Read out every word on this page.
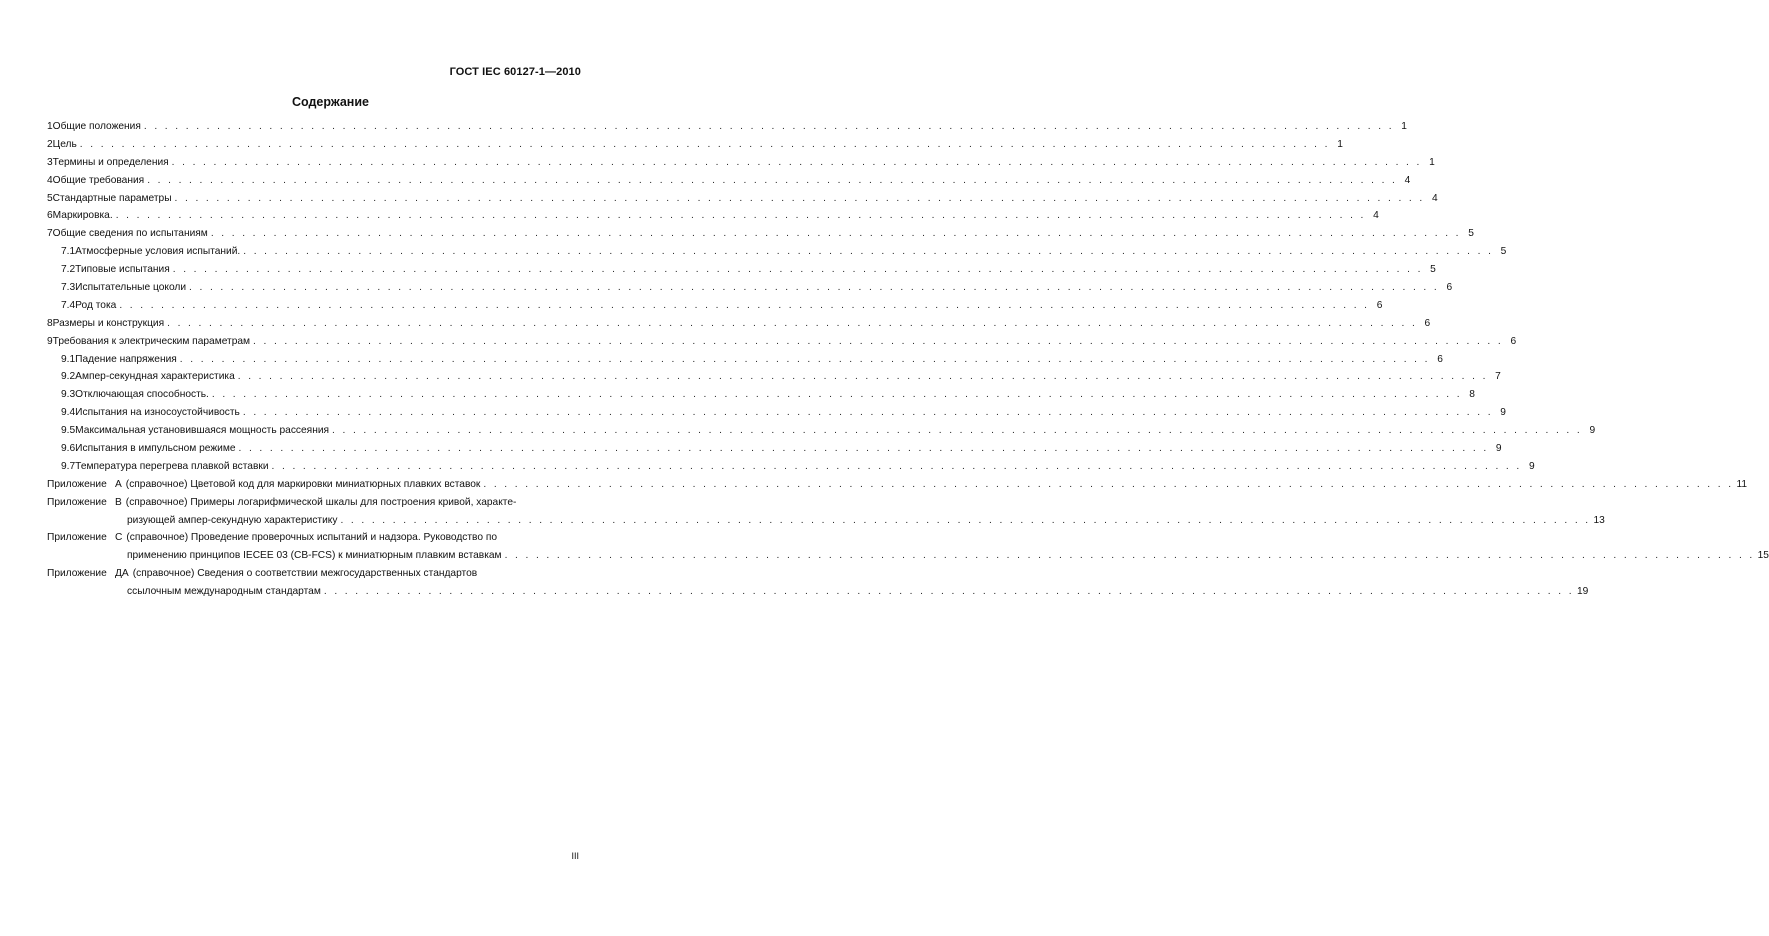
ГОСТ IEC 60127-1—2010
Содержание
1 Общие положения . . . . . . . . . . . . . . . . . . . . . . . . . . . . . . . . . . . . . . . . . . . . . . . . . . . . . . . . . . . . . . . . . . . . . . . . . . . . . . . . . . . . . . . . . . . . . . . . . . . . . . . . . . . . . . . . . . . . . . . . 1
2 Цель . . . . . . . . . . . . . . . . . . . . . . . . . . . . . . . . . . . . . . . . . . . . . . . . . . . . . . . . . . . . . . . . . . . . . . . . . . . . . . . . . . . . . . . . . . . . . . . . . . . . . . . . . . . . . . . . . . . . . . . . 1
3 Термины и определения . . . . . . . . . . . . . . . . . . . . . . . . . . . . . . . . . . . . . . . . . . . . . . . . . . . . . . . . . . . . . . . . . . . . . . . . . . . . . . . . . . . . . . . . . . . . . . . . . . . . . . . . . . . . . . . . . . . . . . . . 1
4 Общие требования . . . . . . . . . . . . . . . . . . . . . . . . . . . . . . . . . . . . . . . . . . . . . . . . . . . . . . . . . . . . . . . . . . . . . . . . . . . . . . . . . . . . . . . . . . . . . . . . . . . . . . . . . . . . . . . . . . . . . . . . 4
5 Стандартные параметры . . . . . . . . . . . . . . . . . . . . . . . . . . . . . . . . . . . . . . . . . . . . . . . . . . . . . . . . . . . . . . . . . . . . . . . . . . . . . . . . . . . . . . . . . . . . . . . . . . . . . . . . . . . . . . . . . . . . . . . . 4
6 Маркировка. . . . . . . . . . . . . . . . . . . . . . . . . . . . . . . . . . . . . . . . . . . . . . . . . . . . . . . . . . . . . . . . . . . . . . . . . . . . . . . . . . . . . . . . . . . . . . . . . . . . . . . . . . . . . . . . . . . . . . . . . 4
7 Общие сведения по испытаниям . . . . . . . . . . . . . . . . . . . . . . . . . . . . . . . . . . . . . . . . . . . . . . . . . . . . . . . . . . . . . . . . . . . . . . . . . . . . . . . . . . . . . . . . . . . . . . . . . . . . . . . . . . . . . . . . . . . . . . . . 5
7.1 Атмосферные условия испытаний. . . . . . . . . . . . . . . . . . . . . . . . . . . . . . . . . . . . . . . . . . . . . . . . . . . . . . . . . . . . . . . . . . . . . . . . . . . . . . . . . . . . . . . . . . . . . . . . . . . . . . . . . . . . . . . . . . . . . . . . . 5
7.2 Типовые испытания . . . . . . . . . . . . . . . . . . . . . . . . . . . . . . . . . . . . . . . . . . . . . . . . . . . . . . . . . . . . . . . . . . . . . . . . . . . . . . . . . . . . . . . . . . . . . . . . . . . . . . . . . . . . . . . . . . . . . . . . 5
7.3 Испытательные цоколи . . . . . . . . . . . . . . . . . . . . . . . . . . . . . . . . . . . . . . . . . . . . . . . . . . . . . . . . . . . . . . . . . . . . . . . . . . . . . . . . . . . . . . . . . . . . . . . . . . . . . . . . . . . . . . . . . . . . . . . . 6
7.4 Род тока . . . . . . . . . . . . . . . . . . . . . . . . . . . . . . . . . . . . . . . . . . . . . . . . . . . . . . . . . . . . . . . . . . . . . . . . . . . . . . . . . . . . . . . . . . . . . . . . . . . . . . . . . . . . . . . . . . . . . . . . 6
8 Размеры и конструкция . . . . . . . . . . . . . . . . . . . . . . . . . . . . . . . . . . . . . . . . . . . . . . . . . . . . . . . . . . . . . . . . . . . . . . . . . . . . . . . . . . . . . . . . . . . . . . . . . . . . . . . . . . . . . . . . . . . . . . . . 6
9 Требования к электрическим параметрам . . . . . . . . . . . . . . . . . . . . . . . . . . . . . . . . . . . . . . . . . . . . . . . . . . . . . . . . . . . . . . . . . . . . . . . . . . . . . . . . . . . . . . . . . . . . . . . . . . . . . . . . . . . . . . . . . . . . . . . . 6
9.1 Падение напряжения . . . . . . . . . . . . . . . . . . . . . . . . . . . . . . . . . . . . . . . . . . . . . . . . . . . . . . . . . . . . . . . . . . . . . . . . . . . . . . . . . . . . . . . . . . . . . . . . . . . . . . . . . . . . . . . . . . . . . . . . 6
9.2 Ампер-секундная характеристика . . . . . . . . . . . . . . . . . . . . . . . . . . . . . . . . . . . . . . . . . . . . . . . . . . . . . . . . . . . . . . . . . . . . . . . . . . . . . . . . . . . . . . . . . . . . . . . . . . . . . . . . . . . . . . . . . . . . . . . . 7
9.3 Отключающая способность. . . . . . . . . . . . . . . . . . . . . . . . . . . . . . . . . . . . . . . . . . . . . . . . . . . . . . . . . . . . . . . . . . . . . . . . . . . . . . . . . . . . . . . . . . . . . . . . . . . . . . . . . . . . . . . . . . . . . . . . . 8
9.4 Испытания на износоустойчивость . . . . . . . . . . . . . . . . . . . . . . . . . . . . . . . . . . . . . . . . . . . . . . . . . . . . . . . . . . . . . . . . . . . . . . . . . . . . . . . . . . . . . . . . . . . . . . . . . . . . . . . . . . . . . . . . . . . . . . . . 9
9.5 Максимальная установившаяся мощность рассеяния . . . . . . . . . . . . . . . . . . . . . . . . . . . . . . . . . . . . . . . . . . . . . . . . . . . . . . . . . . . . . . . . . . . . . . . . . . . . . . . . . . . . . . . . . . . . . . . . . . . . . . . . . . . . . . . . . . . . . . . . 9
9.6 Испытания в импульсном режиме . . . . . . . . . . . . . . . . . . . . . . . . . . . . . . . . . . . . . . . . . . . . . . . . . . . . . . . . . . . . . . . . . . . . . . . . . . . . . . . . . . . . . . . . . . . . . . . . . . . . . . . . . . . . . . . . . . . . . . . . 9
9.7 Температура перегрева плавкой вставки . . . . . . . . . . . . . . . . . . . . . . . . . . . . . . . . . . . . . . . . . . . . . . . . . . . . . . . . . . . . . . . . . . . . . . . . . . . . . . . . . . . . . . . . . . . . . . . . . . . . . . . . . . . . . . . . . . . . . . . . 9
Приложение А (справочное) Цветовой код для маркировки миниатюрных плавких вставок . . . . . . . . . . . . . . . . . . . . . . . . . . . . . . . . . . . . . . . . . . . . . . . . . . . . . . . . . . . . . . . . . . . . . . . . . . . . . . . . . . . . . . . . . . . . . . . . . . . . . . . . . . . . . . . . . . . . . . . . 11
Приложение В (справочное) Примеры логарифмической шкалы для построения кривой, характе-
ризующей ампер-секундную характеристику . . . . . . . . . . . . . . . . . . . . . . . . . . . . . . . . . . . . . . . . . . . . . . . . . . . . . . . . . . . . . . . . . . . . . . . . . . . . . . . . . . . . . . . . . . . . . . . . . . . . . . . . . . . . . . . . . . . . . . . . 13
Приложение С (справочное) Проведение проверочных испытаний и надзора. Руководство по
применению принципов IECEE 03 (CB-FCS) к миниатюрным плавким вставкам . . . . . . . . . . . . . . . . . . . . . . . . . . . . . . . . . . . . . . . . . . . . . . . . . . . . . . . . . . . . . . . . . . . . . . . . . . . . . . . . . . . . . . . . . . . . . . . . . . . . . . . . . . . . . . . . . . . . . . . . 15
Приложение ДА (справочное) Сведения о соответствии межгосударственных стандартов
ссылочным международным стандартам . . . . . . . . . . . . . . . . . . . . . . . . . . . . . . . . . . . . . . . . . . . . . . . . . . . . . . . . . . . . . . . . . . . . . . . . . . . . . . . . . . . . . . . . . . . . . . . . . . . . . . . . . . . . . . . . . . . . . . . . 19
III
